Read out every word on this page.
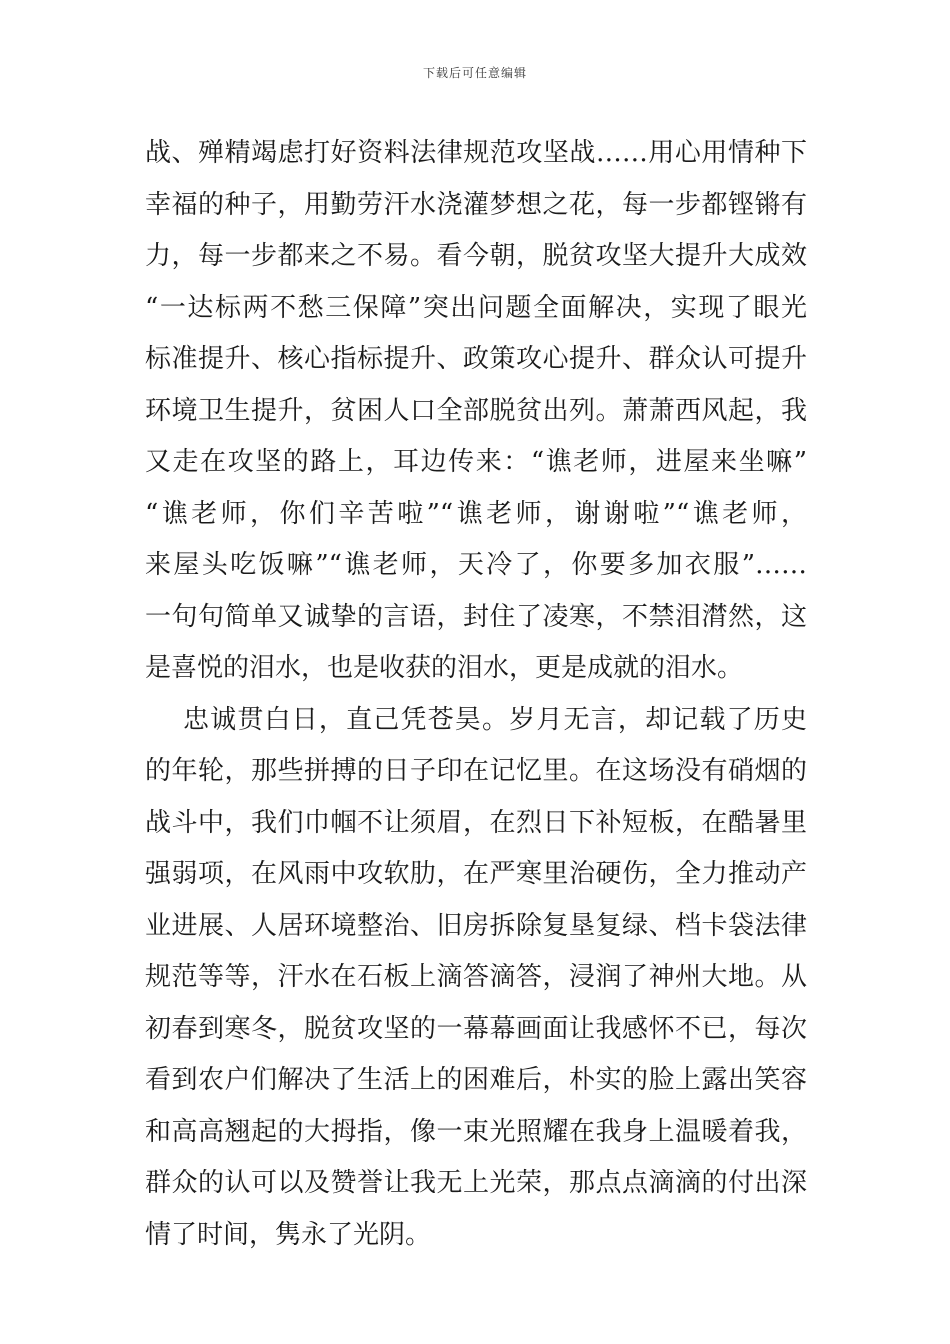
下载后可任意编辑
战、殚精竭虑打好资料法律规范攻坚战……用心用情种下
幸福的种子，用勤劳汗水浇灌梦想之花，每一步都铿锵有
力，每一步都来之不易。看今朝，脱贫攻坚大提升大成效
“一达标两不愁三保障”突出问题全面解决，实现了眼光
标准提升、核心指标提升、政策攻心提升、群众认可提升
环境卫生提升，贫困人口全部脱贫出列。萧萧西风起，我
又走在攻坚的路上，耳边传来：“谯老师，进屋来坐嘛”
“谯老师，你们辛苦啦”“谯老师，谢谢啦”“谯老师，
来屋头吃饭嘛”“谯老师，天冷了，你要多加衣服”……
一句句简单又诚挚的言语，封住了凌寒，不禁泪潸然，这
是喜悦的泪水，也是收获的泪水，更是成就的泪水。
忠诚贯白日，直己凭苍昊。岁月无言，却记载了历史
的年轮，那些拼搏的日子印在记忆里。在这场没有硝烟的
战斗中，我们巾帼不让须眉，在烈日下补短板，在酷暑里
强弱项，在风雨中攻软肋，在严寒里治硬伤，全力推动产
业进展、人居环境整治、旧房拆除复垦复绿、档卡袋法律
规范等等，汗水在石板上滴答滴答，浸润了神州大地。从
初春到寒冬，脱贫攻坚的一幕幕画面让我感怀不已，每次
看到农户们解决了生活上的困难后，朴实的脸上露出笑容
和高高翘起的大拇指，像一束光照耀在我身上温暖着我，
群众的认可以及赞誉让我无上光荣，那点点滴滴的付出深
情了时间，隽永了光阴。
